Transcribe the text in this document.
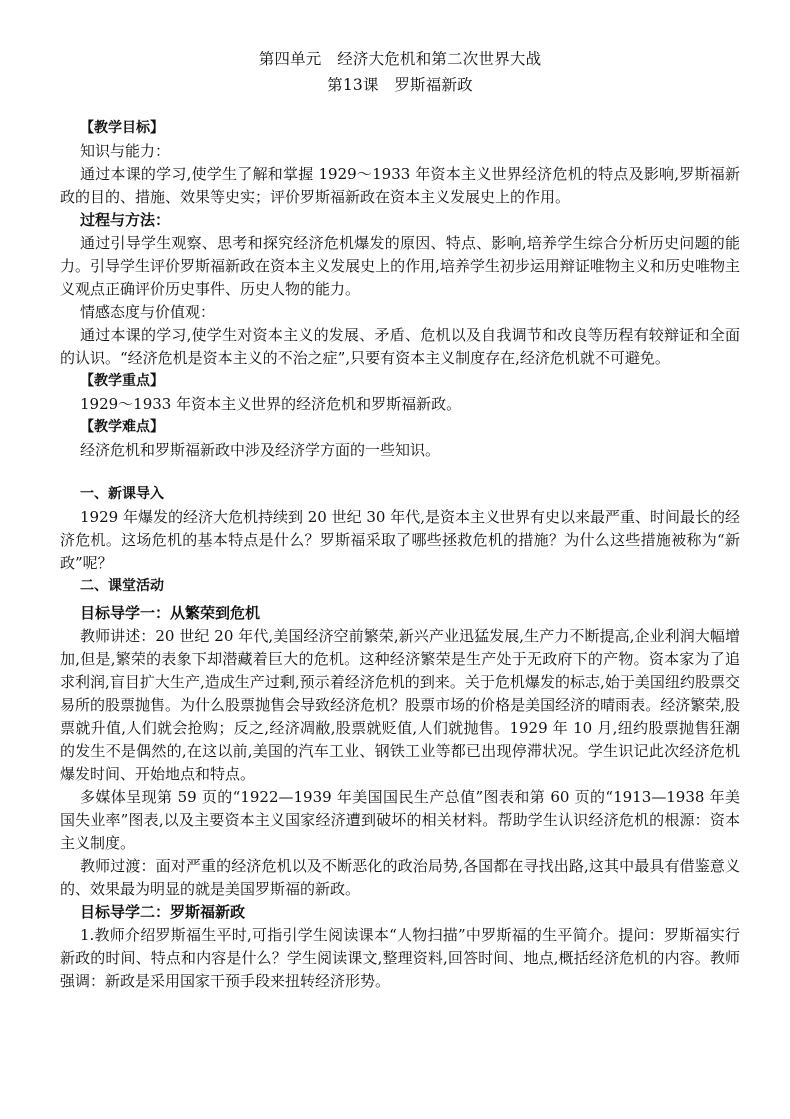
第四单元　经济大危机和第二次世界大战

第13课　罗斯福新政

【教学目标】

知识与能力：

通过本课的学习,使学生了解和掌握 1929～1933 年资本主义世界经济危机的特点及影响,罗斯福新政的目的、措施、效果等史实；评价罗斯福新政在资本主义发展史上的作用。

过程与方法：

通过引导学生观察、思考和探究经济危机爆发的原因、特点、影响,培养学生综合分析历史问题的能力。引导学生评价罗斯福新政在资本主义发展史上的作用,培养学生初步运用辩证唯物主义和历史唯物主义观点正确评价历史事件、历史人物的能力。

情感态度与价值观：

通过本课的学习,使学生对资本主义的发展、矛盾、危机以及自我调节和改良等历程有较辩证和全面的认识。“经济危机是资本主义的不治之症”,只要有资本主义制度存在,经济危机就不可避免。

【教学重点】

1929～1933 年资本主义世界的经济危机和罗斯福新政。

【教学难点】

经济危机和罗斯福新政中涉及经济学方面的一些知识。

一、新课导入

1929 年爆发的经济大危机持续到 20 世纪 30 年代,是资本主义世界有史以来最严重、时间最长的经济危机。这场危机的基本特点是什么？罗斯福采取了哪些拯救危机的措施？为什么这些措施被称为“新政”呢？

二、课堂活动

目标导学一：从繁荣到危机

教师讲述：20 世纪 20 年代,美国经济空前繁荣,新兴产业迅猛发展,生产力不断提高,企业利润大幅增加,但是,繁荣的表象下却潜藏着巨大的危机。这种经济繁荣是生产处于无政府下的产物。资本家为了追求利润,盲目扩大生产,造成生产过剩,预示着经济危机的到来。关于危机爆发的标志,始于美国纽约股票交易所的股票抛售。为什么股票抛售会导致经济危机？股票市场的价格是美国经济的晴雨表。经济繁荣,股票就升值,人们就会抢购；反之,经济凋敝,股票就贬值,人们就抛售。1929 年 10 月,纽约股票抛售狂潮的发生不是偶然的,在这以前,美国的汽车工业、钢铁工业等都已出现停滞状况。学生识记此次经济危机爆发时间、开始地点和特点。

多媒体呈现第 59 页的“1922—1939 年美国国民生产总值”图表和第 60 页的“1913—1938 年美国失业率”图表,以及主要资本主义国家经济遭到破坏的相关材料。帮助学生认识经济危机的根源：资本主义制度。

教师过渡：面对严重的经济危机以及不断恶化的政治局势,各国都在寻找出路,这其中最具有借鉴意义的、效果最为明显的就是美国罗斯福的新政。

目标导学二：罗斯福新政

1.教师介绍罗斯福生平时,可指引学生阅读课本“人物扫描”中罗斯福的生平简介。提问：罗斯福实行新政的时间、特点和内容是什么？学生阅读课文,整理资料,回答时间、地点,概括经济危机的内容。教师强调：新政是采用国家干预手段来扭转经济形势。
